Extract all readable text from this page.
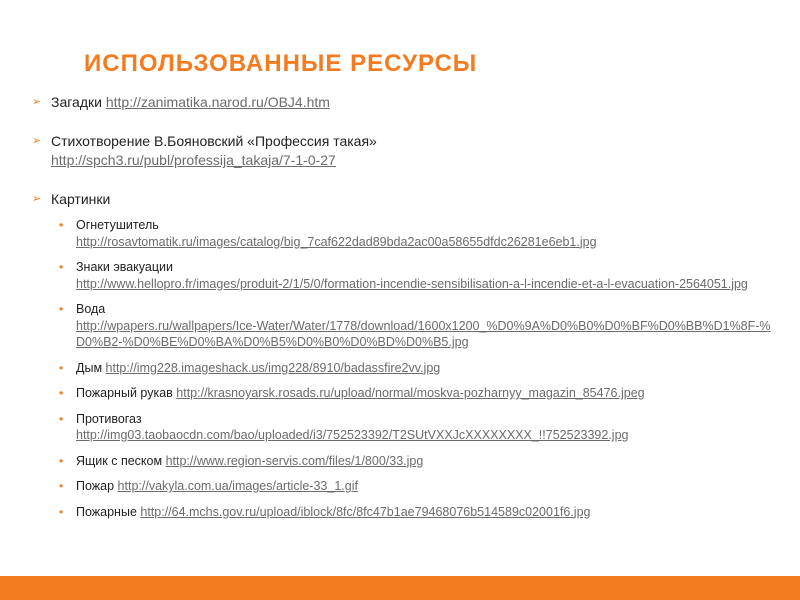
ИСПОЛЬЗОВАННЫЕ РЕСУРСЫ
➢ Загадки http://zanimatika.narod.ru/OBJ4.htm
➢ Стихотворение В.Бояновский «Профессия такая»
http://spch3.ru/publ/professija_takaja/7-1-0-27
➢ Картинки
• Огнетушитель
http://rosavtomatik.ru/images/catalog/big_7caf622dad89bda2ac00a58655dfdc26281e6eb1.jpg
• Знаки эвакуации
http://www.hellopro.fr/images/produit-2/1/5/0/formation-incendie-sensibilisation-a-l-incendie-et-a-l-evacuation-2564051.jpg
• Вода
http://wpapers.ru/wallpapers/Ice-Water/Water/1778/download/1600x1200_%D0%9A%D0%B0%D0%BF%D0%BB%D1%8F-%D0%B2-%D0%BE%D0%BA%D0%B5%D0%B0%D0%BD%D0%B5.jpg
• Дым http://img228.imageshack.us/img228/8910/badassfire2vv.jpg
• Пожарный рукав http://krasnoyarsk.rosads.ru/upload/normal/moskva-pozharnyy_magazin_85476.jpeg
• Противогаз
http://img03.taobaocdn.com/bao/uploaded/i3/752523392/T2SUtVXXJcXXXXXXXX_!!752523392.jpg
• Ящик с песком http://www.region-servis.com/files/1/800/33.jpg
• Пожар http://vakyla.com.ua/images/article-33_1.gif
• Пожарные http://64.mchs.gov.ru/upload/iblock/8fc/8fc47b1ae79468076b514589c02001f6.jpg
